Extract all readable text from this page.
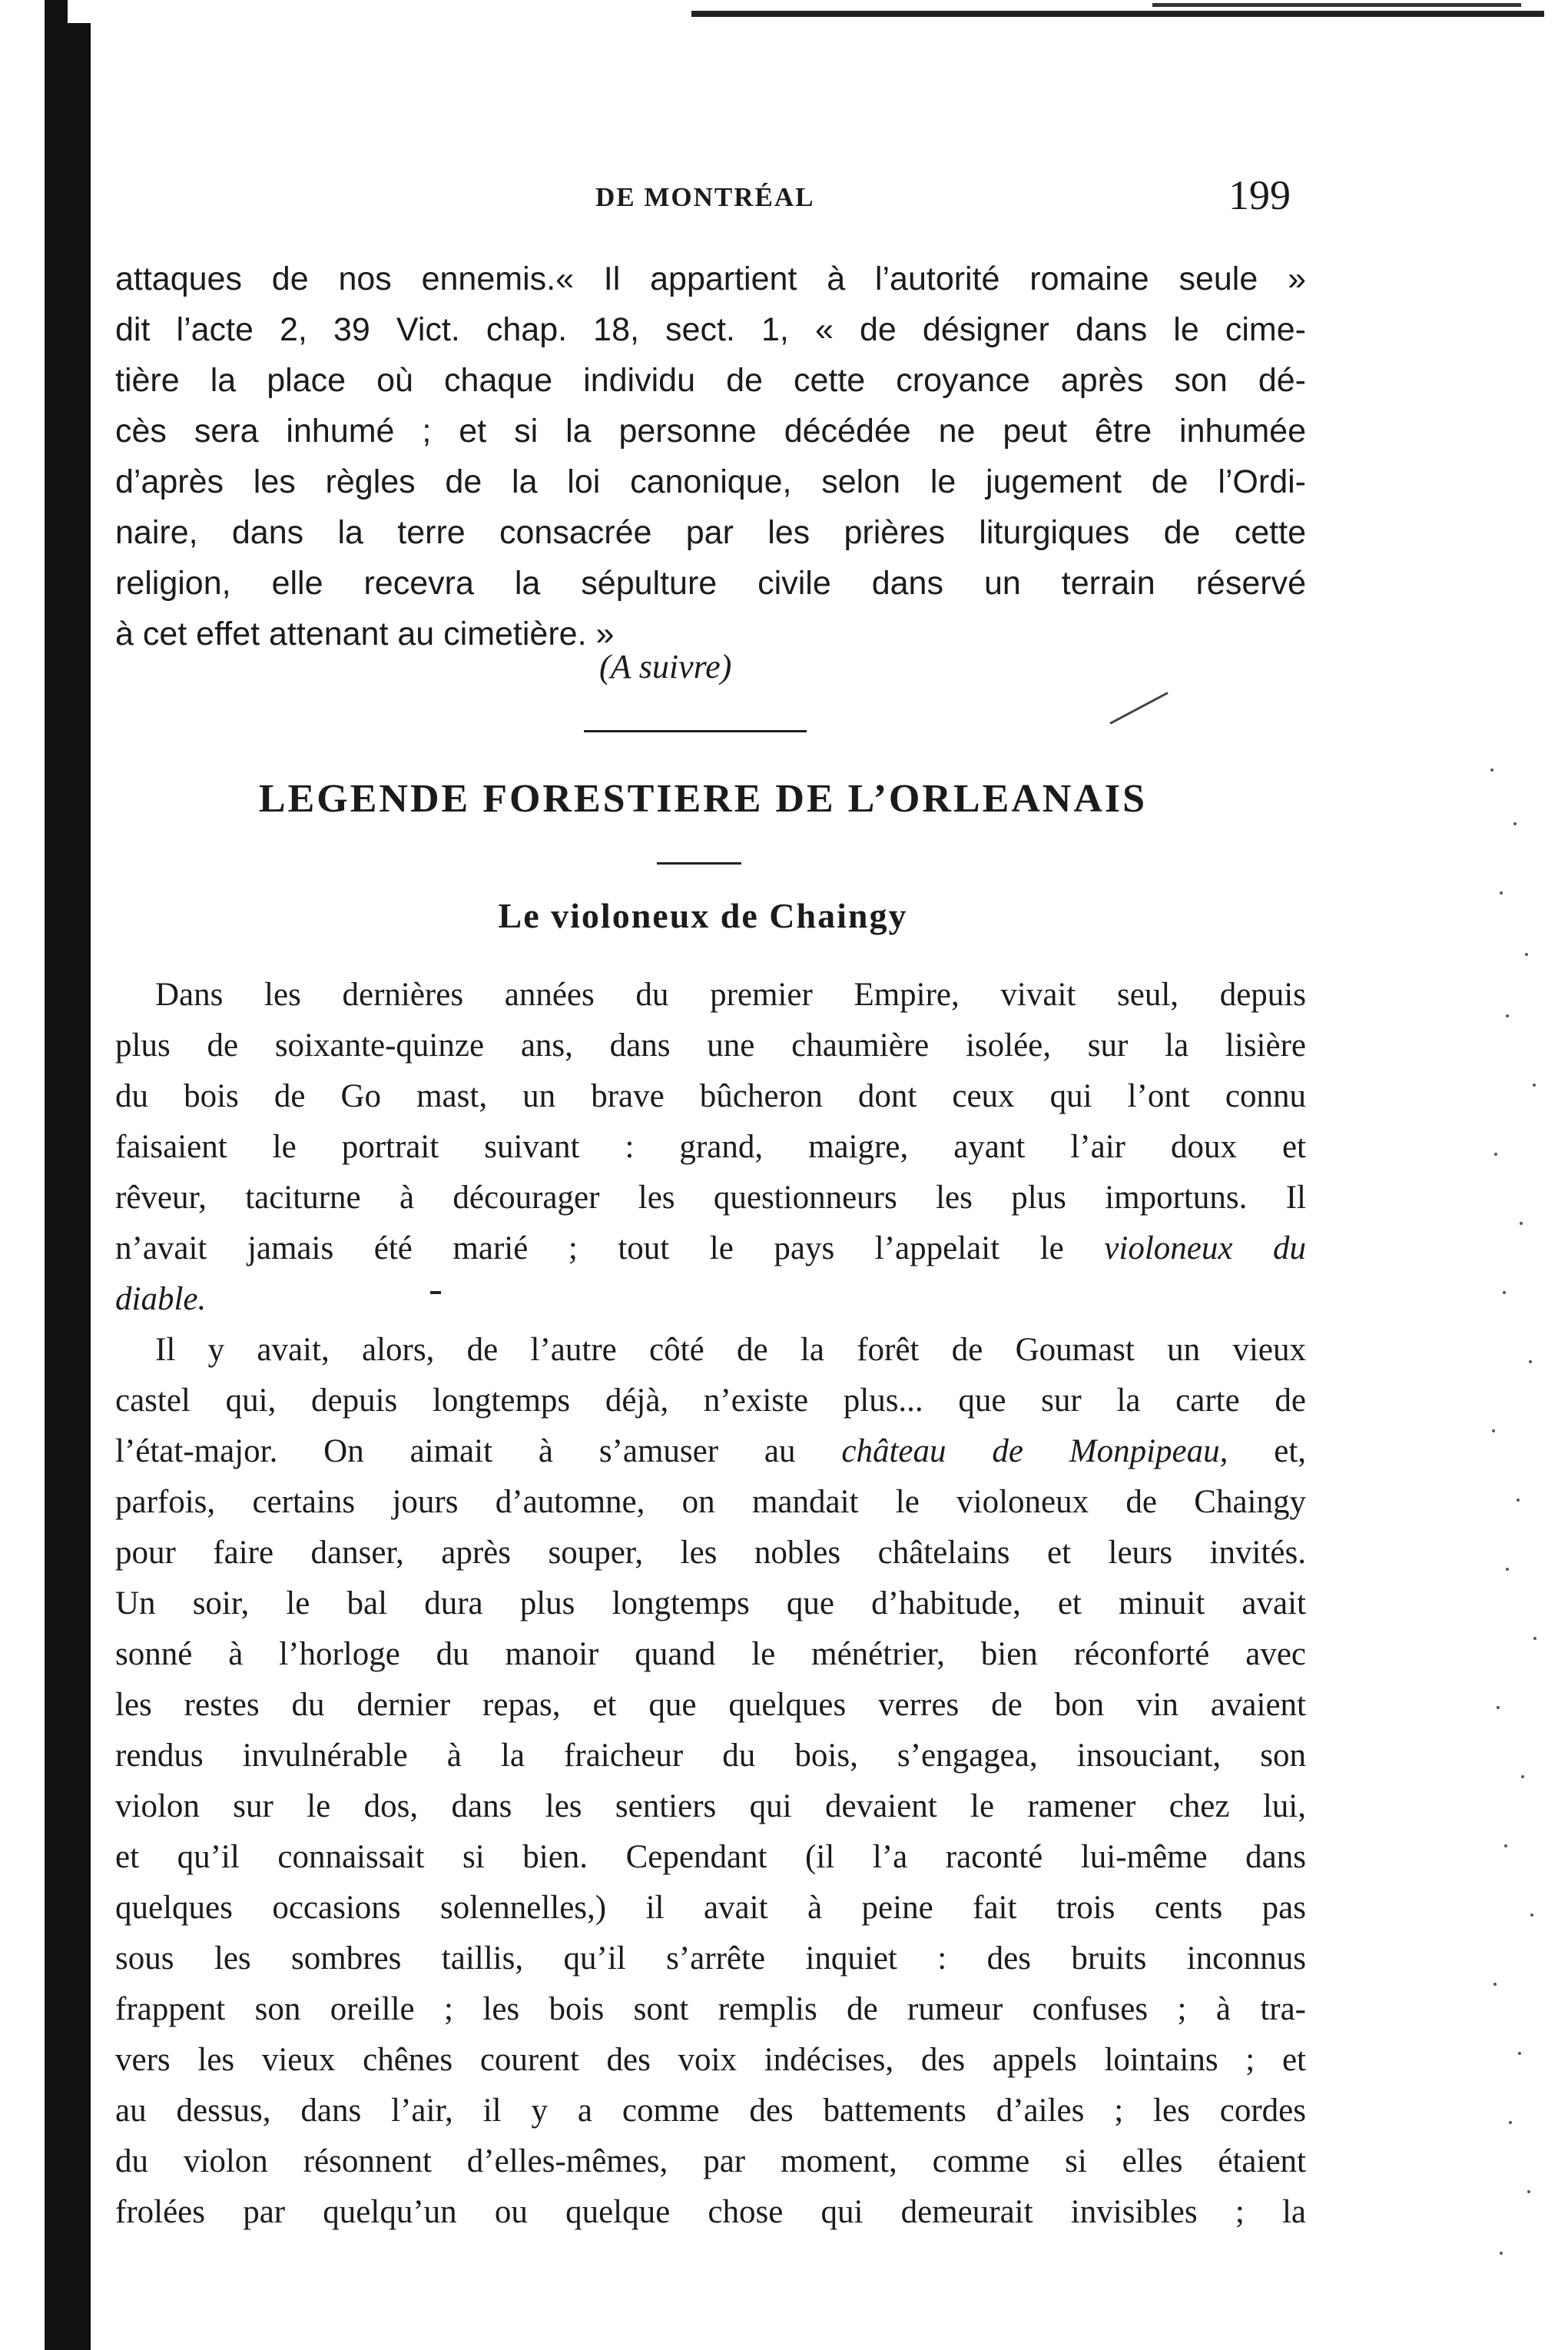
DE MONTRÉAL	199
attaques de nos ennemis.« Il appartient à l’autorité romaine seule »
dit l’acte 2, 39 Vict. chap. 18, sect. 1, « de désigner dans le cime-
tière la place où chaque individu de cette croyance après son dé-
cès sera inhumé ; et si la personne décédée ne peut être inhumée
d’après les règles de la loi canonique, selon le jugement de l’Ordi-
naire, dans la terre consacrée par les prières liturgiques de cette
religion, elle recevra la sépulture civile dans un terrain réservé
à cet effet attenant au cimetière. »
(A suivre)
LEGENDE FORESTIERE DE L’ORLEANAIS
Le violoneux de Chaingy
Dans les dernières années du premier Empire, vivait seul, depuis
plus de soixante-quinze ans, dans une chaumière isolée, sur la lisière
du bois de Go mast, un brave bûcheron dont ceux qui l’ont connu
faisaient le portrait suivant : grand, maigre, ayant l’air doux et
rêveur, taciturne à décourager les questionneurs les plus importuns. Il
n’avait jamais été marié ; tout le pays l’appelait le violoneux du
diable.
Il y avait, alors, de l’autre côté de la forêt de Goumast un vieux
castel qui, depuis longtemps déjà, n’existe plus... que sur la carte de
l’état-major. On aimait à s’amuser au château de Monpipeau, et,
parfois, certains jours d’automne, on mandait le violoneux de Chaingy
pour faire danser, après souper, les nobles châtelains et leurs invités.
Un soir, le bal dura plus longtemps que d’habitude, et minuit avait
sonné à l’horloge du manoir quand le ménétrier, bien réconforté avec
les restes du dernier repas, et que quelques verres de bon vin avaient
rendus invulnérable à la fraicheur du bois, s’engagea, insouciant, son
violon sur le dos, dans les sentiers qui devaient le ramener chez lui,
et qu’il connaissait si bien. Cependant (il l’a raconté lui-même dans
quelques occasions solennelles,) il avait à peine fait trois cents pas
sous les sombres taillis, qu’il s’arrête inquiet : des bruits inconnus
frappent son oreille ; les bois sont remplis de rumeur confuses ; à tra-
vers les vieux chênes courent des voix indécises, des appels lointains ; et
au dessus, dans l’air, il y a comme des battements d’ailes ; les cordes
du violon résonnent d’elles-mêmes, par moment, comme si elles étaient
frolées par quelqu’un ou quelque chose qui demeurait invisibles ; la
